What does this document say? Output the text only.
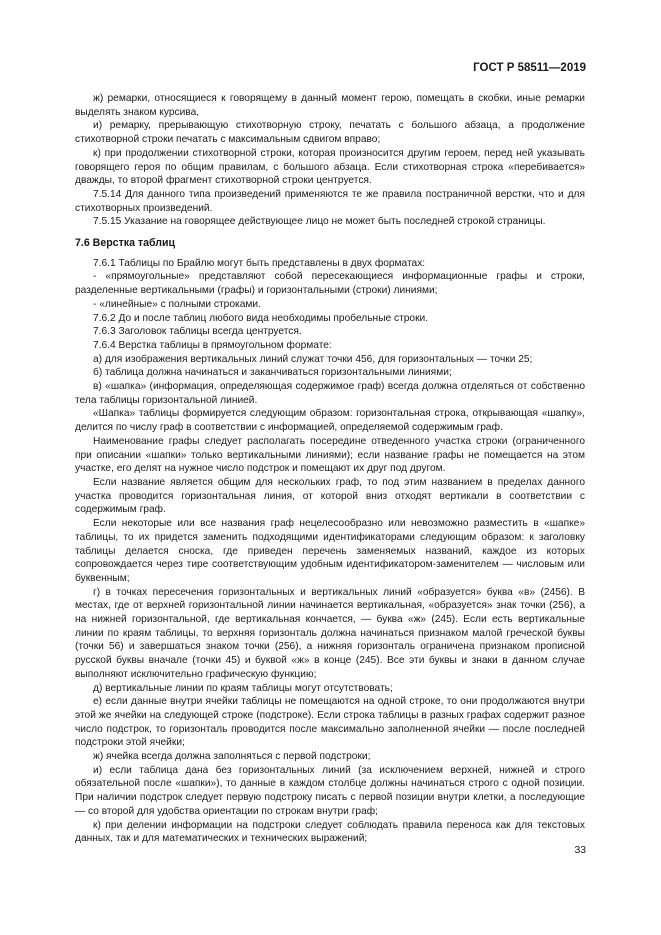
ГОСТ Р 58511—2019

ж) ремарки, относящиеся к говорящему в данный момент герою, помещать в скобки, иные ремарки выделять знаком курсива,

и) ремарку, прерывающую стихотворную строку, печатать с большого абзаца, а продолжение стихотворной строки печатать с максимальным сдвигом вправо;

к) при продолжении стихотворной строки, которая произносится другим героем, перед ней указывать говорящего героя по общим правилам, с большого абзаца. Если стихотворная строка «перебивается» дважды, то второй фрагмент стихотворной строки центруется.

7.5.14 Для данного типа произведений применяются те же правила постраничной верстки, что и для стихотворных произведений.

7.5.15 Указание на говорящее действующее лицо не может быть последней строкой страницы.

7.6 Верстка таблиц

7.6.1 Таблицы по Брайлю могут быть представлены в двух форматах:

- «прямоугольные» представляют собой пересекающиеся информационные графы и строки, разделенные вертикальными (графы) и горизонтальными (строки) линиями;

- «линейные» с полными строками.

7.6.2 До и после таблиц любого вида необходимы пробельные строки.

7.6.3 Заголовок таблицы всегда центруется.

7.6.4 Верстка таблицы в прямоугольном формате:

а) для изображения вертикальных линий служат точки 456, для горизонтальных — точки 25;

б) таблица должна начинаться и заканчиваться горизонтальными линиями;

в) «шапка» (информация, определяющая содержимое граф) всегда должна отделяться от собственно тела таблицы горизонтальной линией.

«Шапка» таблицы формируется следующим образом: горизонтальная строка, открывающая «шапку», делится по числу граф в соответствии с информацией, определяемой содержимым граф.

Наименование графы следует располагать посередине отведенного участка строки (ограниченного при описании «шапки» только вертикальными линиями); если название графы не помещается на этом участке, его делят на нужное число подстрок и помещают их друг под другом.

Если название является общим для нескольких граф, то под этим названием в пределах данного участка проводится горизонтальная линия, от которой вниз отходят вертикали в соответствии с содержимым граф.

Если некоторые или все названия граф нецелесообразно или невозможно разместить в «шапке» таблицы, то их придется заменить подходящими идентификаторами следующим образом: к заголовку таблицы делается сноска, где приведен перечень заменяемых названий, каждое из которых сопровождается через тире соответствующим удобным идентификатором-заменителем — числовым или буквенным;

г) в точках пересечения горизонтальных и вертикальных линий «образуется» буква «в» (2456). В местах, где от верхней горизонтальной линии начинается вертикальная, «образуется» знак точки (256), а на нижней горизонтальной, где вертикальная кончается, — буква «ж» (245). Если есть вертикальные линии по краям таблицы, то верхняя горизонталь должна начинаться признаком малой греческой буквы (точки 56) и завершаться знаком точки (256), а нижняя горизонталь ограничена признаком прописной русской буквы вначале (точки 45) и буквой «ж» в конце (245). Все эти буквы и знаки в данном случае выполняют исключительно графическую функцию;

д) вертикальные линии по краям таблицы могут отсутствовать;

е) если данные внутри ячейки таблицы не помещаются на одной строке, то они продолжаются внутри этой же ячейки на следующей строке (подстроке). Если строка таблицы в разных графах содержит разное число подстрок, то горизонталь проводится после максимально заполненной ячейки — после последней подстроки этой ячейки;

ж) ячейка всегда должна заполняться с первой подстроки;

и) если таблица дана без горизонтальных линий (за исключением верхней, нижней и строго обязательной после «шапки»), то данные в каждом столбце должны начинаться строго с одной позиции. При наличии подстрок следует первую подстроку писать с первой позиции внутри клетки, а последующие — со второй для удобства ориентации по строкам внутри граф;

к) при делении информации на подстроки следует соблюдать правила переноса как для текстовых данных, так и для математических и технических выражений;

33
